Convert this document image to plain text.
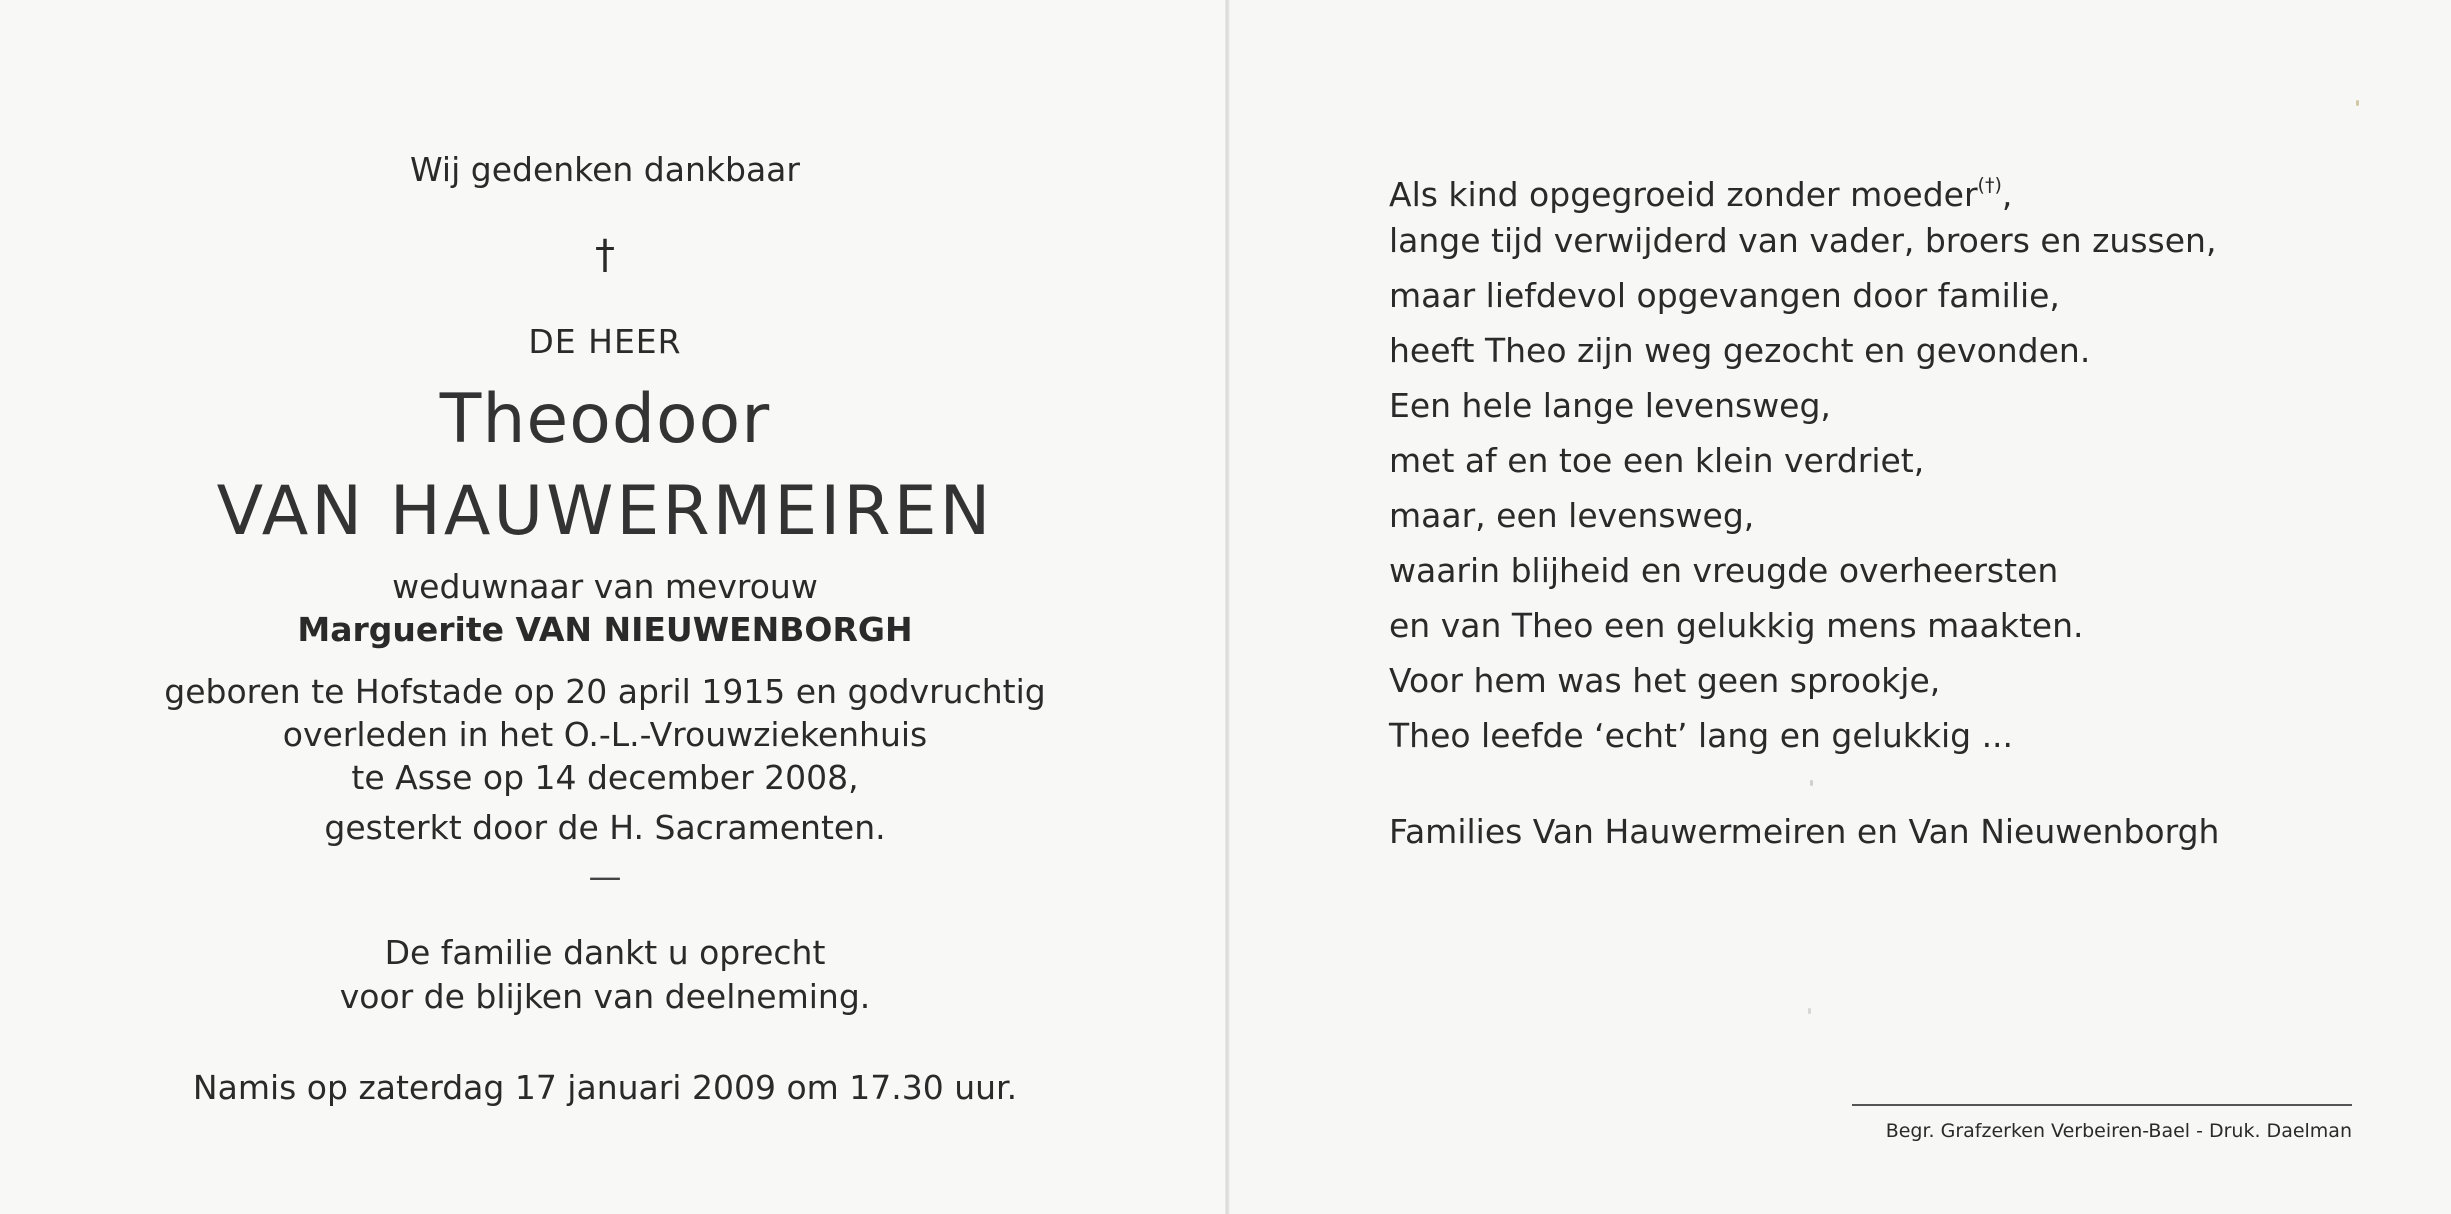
Wij gedenken dankbaar
†
DE HEER
Theodoor
VAN HAUWERMEIREN
weduwnaar van mevrouw
Marguerite VAN NIEUWENBORGH
geboren te Hofstade op 20 april 1915 en godvruchtig
overleden in het O.-L.-Vrouwziekenhuis
te Asse op 14 december 2008,
gesterkt door de H. Sacramenten.
—
De familie dankt u oprecht
voor de blijken van deelneming.
Namis op zaterdag 17 januari 2009 om 17.30 uur.
Als kind opgegroeid zonder moeder(†),
lange tijd verwijderd van vader, broers en zussen,
maar liefdevol opgevangen door familie,
heeft Theo zijn weg gezocht en gevonden.
Een hele lange levensweg,
met af en toe een klein verdriet,
maar, een levensweg,
waarin blijheid en vreugde overheersten
en van Theo een gelukkig mens maakten.
Voor hem was het geen sprookje,
Theo leefde ‘echt’ lang en gelukkig ...
Families Van Hauwermeiren en Van Nieuwenborgh
Begr. Grafzerken Verbeiren-Bael - Druk. Daelman
